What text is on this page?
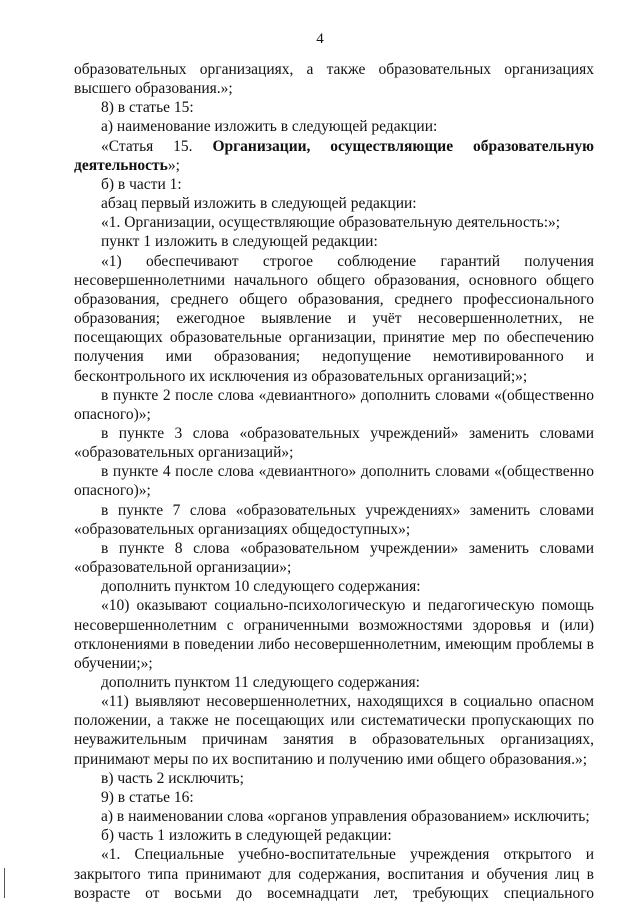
4

образовательных организациях, а также образовательных организациях высшего образования.»;

8) в статье 15:

а) наименование изложить в следующей редакции:

«Статья 15. Организации, осуществляющие образовательную деятельность»;

б) в части 1:

абзац первый изложить в следующей редакции:

«1. Организации, осуществляющие образовательную деятельность:»;

пункт 1 изложить в следующей редакции:

«1) обеспечивают строгое соблюдение гарантий получения несовершеннолетними начального общего образования, основного общего образования, среднего общего образования, среднего профессионального образования; ежегодное выявление и учёт несовершеннолетних, не посещающих образовательные организации, принятие мер по обеспечению получения ими образования; недопущение немотивированного и бесконтрольного их исключения из образовательных организаций;»;

в пункте 2 после слова «девиантного» дополнить словами «(общественно опасного)»;

в пункте 3 слова «образовательных учреждений» заменить словами «образовательных организаций»;

в пункте 4 после слова «девиантного» дополнить словами «(общественно опасного)»;

в пункте 7 слова «образовательных учреждениях» заменить словами «образовательных организациях общедоступных»;

в пункте 8 слова «образовательном учреждении» заменить словами «образовательной организации»;

дополнить пунктом 10 следующего содержания:

«10) оказывают социально-психологическую и педагогическую помощь несовершеннолетним с ограниченными возможностями здоровья и (или) отклонениями в поведении либо несовершеннолетним, имеющим проблемы в обучении;»;

дополнить пунктом 11 следующего содержания:

«11) выявляют несовершеннолетних, находящихся в социально опасном положении, а также не посещающих или систематически пропускающих по неуважительным причинам занятия в образовательных организациях, принимают меры по их воспитанию и получению ими общего образования.»;

в) часть 2 исключить;

9) в статье 16:

а) в наименовании слова «органов управления образованием» исключить;

б) часть 1 изложить в следующей редакции:

«1. Специальные учебно-воспитательные учреждения открытого и закрытого типа принимают для содержания, воспитания и обучения лиц в возрасте от восьми до восемнадцати лет, требующих специального
